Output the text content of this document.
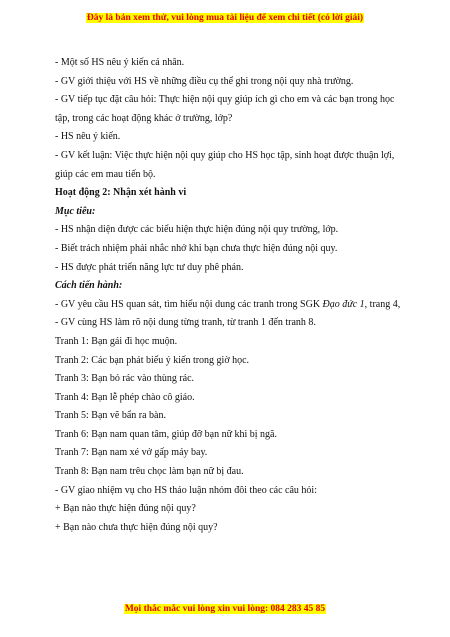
Đây là bản xem thử, vui lòng mua tài liệu để xem chi tiết (có lời giải)

- Một số HS nêu ý kiến cá nhân.

- GV giới thiệu với HS về những điều cụ thể ghi trong nội quy nhà trường.

- GV tiếp tục đặt câu hỏi: Thực hiện nội quy giúp ích gì cho em và các bạn trong học tập, trong các hoạt động khác ở trường, lớp?

- HS nêu ý kiến.

- GV kết luận: Việc thực hiện nội quy giúp cho HS học tập, sinh hoạt được thuận lợi, giúp các em mau tiến bộ.

Hoạt động 2: Nhận xét hành vi

Mục tiêu:

- HS nhận diện được các biểu hiện thực hiện đúng nội quy trường, lớp.

- Biết trách nhiệm phải nhắc nhở khi bạn chưa thực hiện đúng nội quy.

- HS được phát triển năng lực tư duy phê phán.

Cách tiến hành:

- GV yêu cầu HS quan sát, tìm hiểu nội dung các tranh trong SGK Đạo đức 1, trang 4,

- GV cùng HS làm rõ nội dung từng tranh, từ tranh 1 đến tranh 8.

Tranh 1: Bạn gái đi học muộn.

Tranh 2: Các bạn phát biểu ý kiến trong giờ học.

Tranh 3: Bạn bỏ rác vào thùng rác.

Tranh 4: Bạn lễ phép chào cô giáo.

Tranh 5: Bạn vẽ bẩn ra bàn.

Tranh 6: Bạn nam quan tâm, giúp đỡ bạn nữ khi bị ngã.

Tranh 7: Bạn nam xé vở gấp máy bay.

Tranh 8: Bạn nam trêu chọc làm bạn nữ bị đau.

- GV giao nhiệm vụ cho HS thảo luận nhóm đôi theo các câu hỏi:

+ Bạn nào thực hiện đúng nội quy?

+ Bạn nào chưa thực hiện đúng nội quy?

Mọi thắc mắc vui lòng xin vui lòng: 084 283 45 85
